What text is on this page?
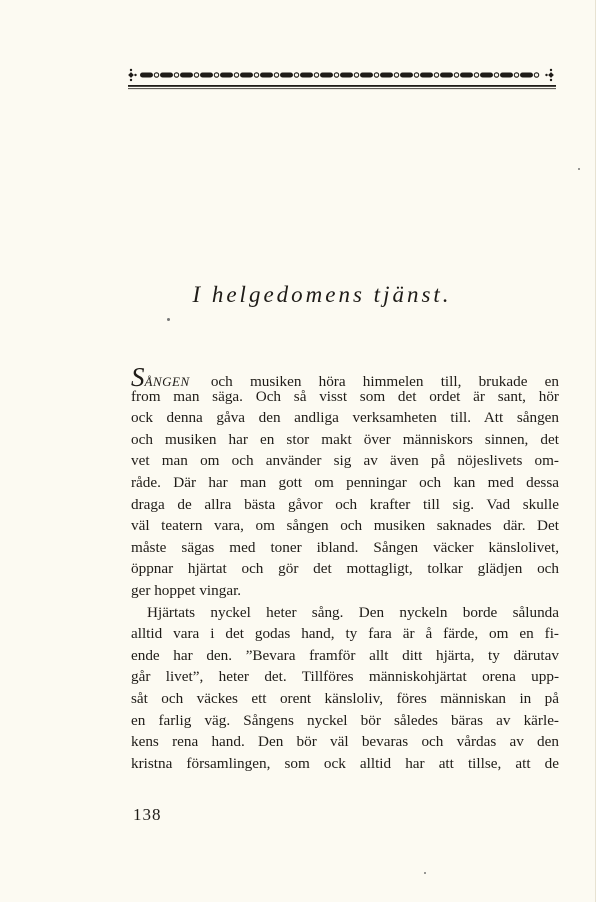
I helgedomens tjänst.
SÅNGEN och musiken höra himmelen till, brukade en
from man säga. Och så visst som det ordet är sant, hör
ock denna gåva den andliga verksamheten till. Att sången
och musiken har en stor makt över människors sinnen, det
vet man om och använder sig av även på nöjeslivets om-
råde. Där har man gott om penningar och kan med dessa
draga de allra bästa gåvor och krafter till sig. Vad skulle
väl teatern vara, om sången och musiken saknades där. Det
måste sägas med toner ibland. Sången väcker känslolivet,
öppnar hjärtat och gör det mottagligt, tolkar glädjen och
ger hoppet vingar.
Hjärtats nyckel heter sång. Den nyckeln borde sålunda
alltid vara i det godas hand, ty fara är å färde, om en fi-
ende har den. ”Bevara framför allt ditt hjärta, ty därutav
går livet”, heter det. Tillföres människohjärtat orena upp-
såt och väckes ett orent känsloliv, föres människan in på
en farlig väg. Sångens nyckel bör således bäras av kärle-
kens rena hand. Den bör väl bevaras och vårdas av den
kristna församlingen, som ock alltid har att tillse, att de

138
